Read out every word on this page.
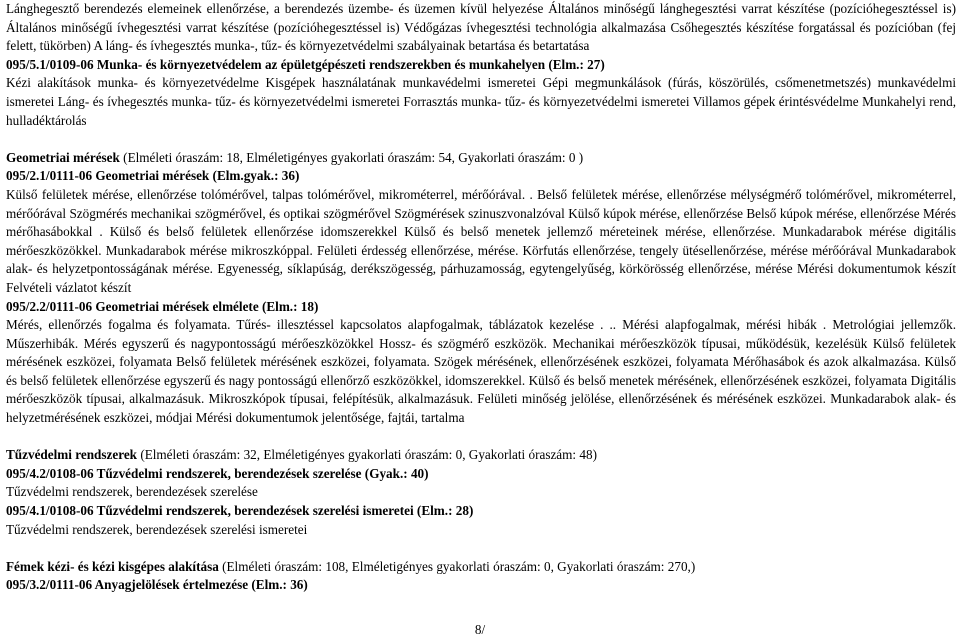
Lánghegesztő berendezés elemeinek ellenőrzése, a berendezés üzembe- és üzemen kívül helyezése Általános minőségű lánghegesztési varrat készítése (pozícióhegesztéssel is) Általános minőségű ívhegesztési varrat készítése (pozícióhegesztéssel is) Védőgázas ívhegesztési technológia alkalmazása Csőhegesztés készítése forgatással és pozícióban (fej felett, tükörben) A láng- és ívhegesztés munka-, tűz- és környezetvédelmi szabályainak betartása és betartatása
095/5.1/0109-06 Munka- és környezetvédelem az épületgépészeti rendszerekben és munkahelyen (Elm.: 27)
Kézi alakítások munka- és környezetvédelme Kisgépek használatának munkavédelmi ismeretei Gépi megmunkálások (fúrás, köszörülés, csőmenetmetszés) munkavédelmi ismeretei Láng- és ívhegesztés munka- tűz- és környezetvédelmi ismeretei Forrasztás munka- tűz- és környezetvédelmi ismeretei Villamos gépek érintésvédelme Munkahelyi rend, hulladéktárolás
Geometriai mérések (Elméleti óraszám: 18, Elméletigényes gyakorlati óraszám: 54, Gyakorlati óraszám: 0 )
095/2.1/0111-06 Geometriai mérések (Elm.gyak.: 36)
Külső felületek mérése, ellenőrzése tolómérővel, talpas tolómérővel, mikrométerrel, mérőórával. . Belső felületek mérése, ellenőrzése mélységmérő tolómérővel, mikrométerrel, mérőórával Szögmérés mechanikai szögmérővel, és optikai szögmérővel Szögmérések szinuszvonalzóval Külső kúpok mérése, ellenőrzése Belső kúpok mérése, ellenőrzése Mérés mérőhasábokkal . Külső és belső felületek ellenőrzése idomszerekkel Külső és belső menetek jellemző méreteinek mérése, ellenőrzése. Munkadarabok mérése digitális mérőeszközökkel. Munkadarabok mérése mikroszkóppal. Felületi érdesség ellenőrzése, mérése. Körfutás ellenőrzése, tengely ütésellenőrzése, mérése mérőórával Munkadarabok alak- és helyzetpontosságának mérése. Egyenesség, síklapúság, derékszögesség, párhuzamosság, egytengelyűség, körkörösség ellenőrzése, mérése Mérési dokumentumok készít Felvételi vázlatot készít
095/2.2/0111-06 Geometriai mérések elmélete (Elm.: 18)
Mérés, ellenőrzés fogalma és folyamata. Tűrés- illesztéssel kapcsolatos alapfogalmak, táblázatok kezelése . .. Mérési alapfogalmak, mérési hibák . Metrológiai jellemzők. Műszerhibák. Mérés egyszerű és nagypontosságú mérőeszközökkel Hossz- és szögmérő eszközök. Mechanikai mérőeszközök típusai, működésük, kezelésük Külső felületek mérésének eszközei, folyamata Belső felületek mérésének eszközei, folyamata. Szögek mérésének, ellenőrzésének eszközei, folyamata Mérőhasábok és azok alkalmazása. Külső és belső felületek ellenőrzése egyszerű és nagy pontosságú ellenőrző eszközökkel, idomszerekkel. Külső és belső menetek mérésének, ellenőrzésének eszközei, folyamata Digitális mérőeszközök típusai, alkalmazásuk. Mikroszkópok típusai, felépítésük, alkalmazásuk. Felületi minőség jelölése, ellenőrzésének és mérésének eszközei. Munkadarabok alak- és helyzetmérésének eszközei, módjai Mérési dokumentumok jelentősége, fajtái, tartalma
Tűzvédelmi rendszerek (Elméleti óraszám: 32, Elméletigényes gyakorlati óraszám: 0, Gyakorlati óraszám: 48)
095/4.2/0108-06 Tűzvédelmi rendszerek, berendezések szerelése (Gyak.: 40)
Tűzvédelmi rendszerek, berendezések szerelése
095/4.1/0108-06 Tűzvédelmi rendszerek, berendezések szerelési ismeretei (Elm.: 28)
Tűzvédelmi rendszerek, berendezések szerelési ismeretei
Fémek kézi- és kézi kisgépes alakítása (Elméleti óraszám: 108, Elméletigényes gyakorlati óraszám: 0, Gyakorlati óraszám: 270,)
095/3.2/0111-06 Anyagjelölések értelmezése (Elm.: 36)
8/
